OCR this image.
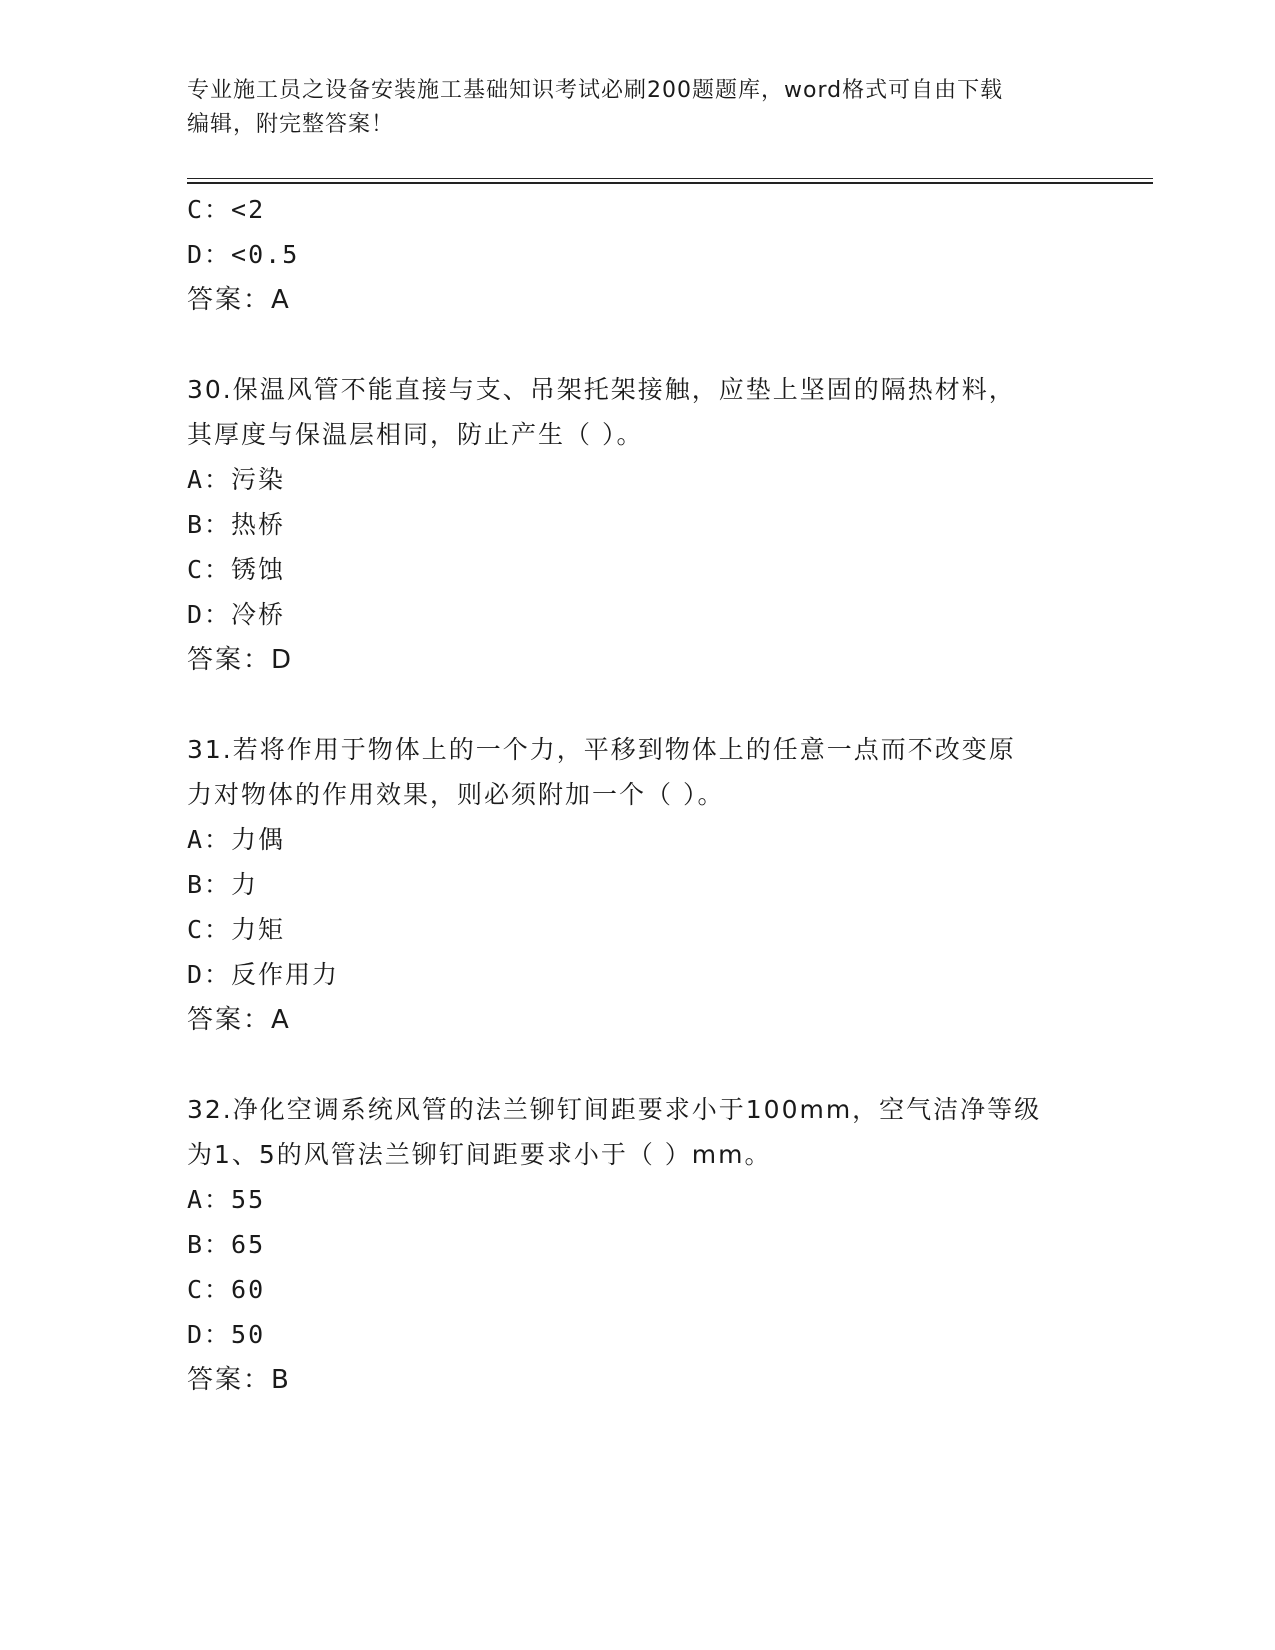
专业施工员之设备安装施工基础知识考试必刷200题题库，word格式可自由下载
编辑，附完整答案！
C：<2
D：<0.5
答案：A
30.保温风管不能直接与支、吊架托架接触，应垫上坚固的隔热材料，
其厚度与保温层相同，防止产生（ ）。
A：污染
B：热桥
C：锈蚀
D：冷桥
答案：D
31.若将作用于物体上的一个力，平移到物体上的任意一点而不改变原
力对物体的作用效果，则必须附加一个（ ）。
A：力偶
B：力
C：力矩
D：反作用力
答案：A
32.净化空调系统风管的法兰铆钉间距要求小于100mm，空气洁净等级
为1、5的风管法兰铆钉间距要求小于（ ）mm。
A：55
B：65
C：60
D：50
答案：B
